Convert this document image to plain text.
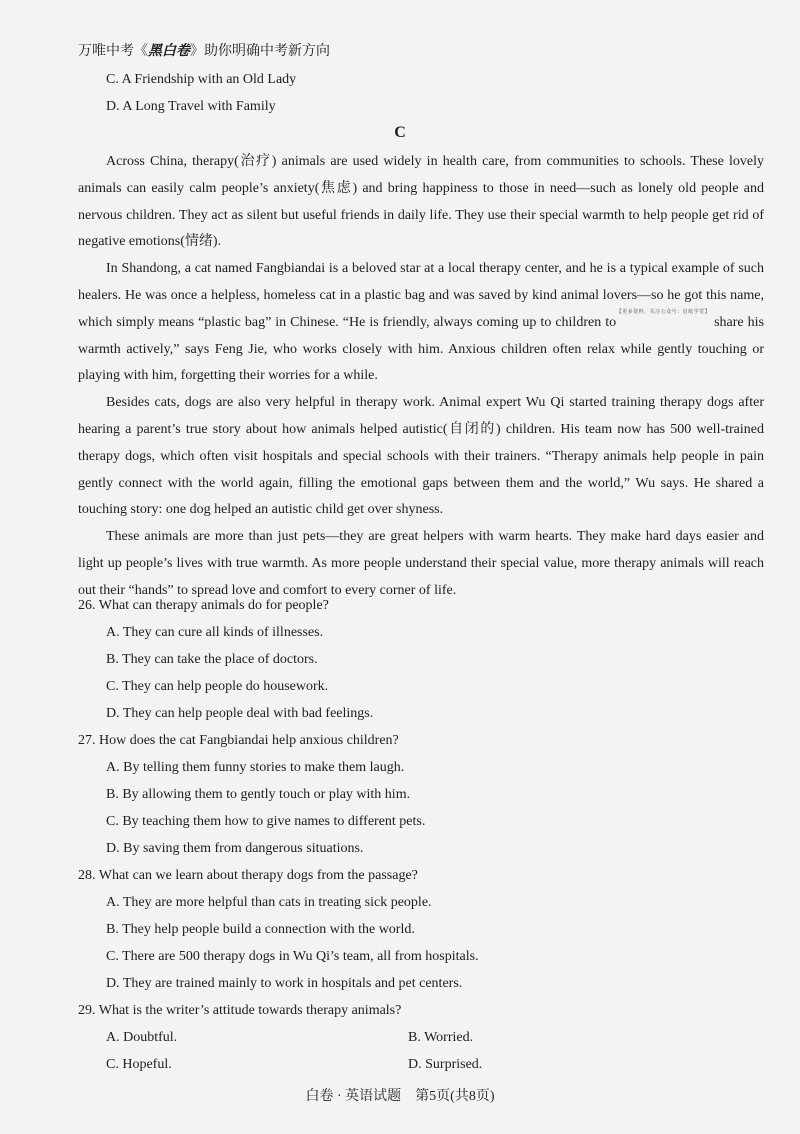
万唯中考《黑白卷》助你明确中考新方向
C. A Friendship with an Old Lady
D. A Long Travel with Family
C

Across China, therapy(治疗) animals are used widely in health care, from communities to schools. These lovely animals can easily calm people’s anxiety(焦虑) and bring happiness to those in need—such as lonely old people and nervous children. They act as silent but useful friends in daily life. They use their special warmth to help people get rid of negative emotions(情绪).

In Shandong, a cat named Fangbiandai is a beloved star at a local therapy center, and he is a typical example of such healers. He was once a helpless, homeless cat in a plastic bag and was saved by kind animal lovers—so he got this name, which simply means “plastic bag” in Chinese. “He is friendly, always coming up to children to$^{【更多资料,关注公众号:启航学堂】}$ share his warmth actively,” says Feng Jie, who works closely with him. Anxious children often relax while gently touching or playing with him, forgetting their worries for a while.

Besides cats, dogs are also very helpful in therapy work. Animal expert Wu Qi started training therapy dogs after hearing a parent’s true story about how animals helped autistic(自闭的) children. His team now has 500 well-trained therapy dogs, which often visit hospitals and special schools with their trainers. “Therapy animals help people in pain gently connect with the world again, filling the emotional gaps between them and the world,” Wu says. He shared a touching story: one dog helped an autistic child get over shyness.

These animals are more than just pets—they are great helpers with warm hearts. They make hard days easier and light up people’s lives with true warmth. As more people understand their special value, more therapy animals will reach out their “hands” to spread love and comfort to every corner of life.

26. What can therapy animals do for people?
A. They can cure all kinds of illnesses.
B. They can take the place of doctors.
C. They can help people do housework.
D. They can help people deal with bad feelings.
27. How does the cat Fangbiandai help anxious children?
A. By telling them funny stories to make them laugh.
B. By allowing them to gently touch or play with him.
C. By teaching them how to give names to different pets.
D. By saving them from dangerous situations.
28. What can we learn about therapy dogs from the passage?
A. They are more helpful than cats in treating sick people.
B. They help people build a connection with the world.
C. There are 500 therapy dogs in Wu Qi’s team, all from hospitals.
D. They are trained mainly to work in hospitals and pet centers.
29. What is the writer’s attitude towards therapy animals?
A. Doubtful.	B. Worried.
C. Hopeful.	D. Surprised.
白卷 · 英语试题　第5页(共8页)
